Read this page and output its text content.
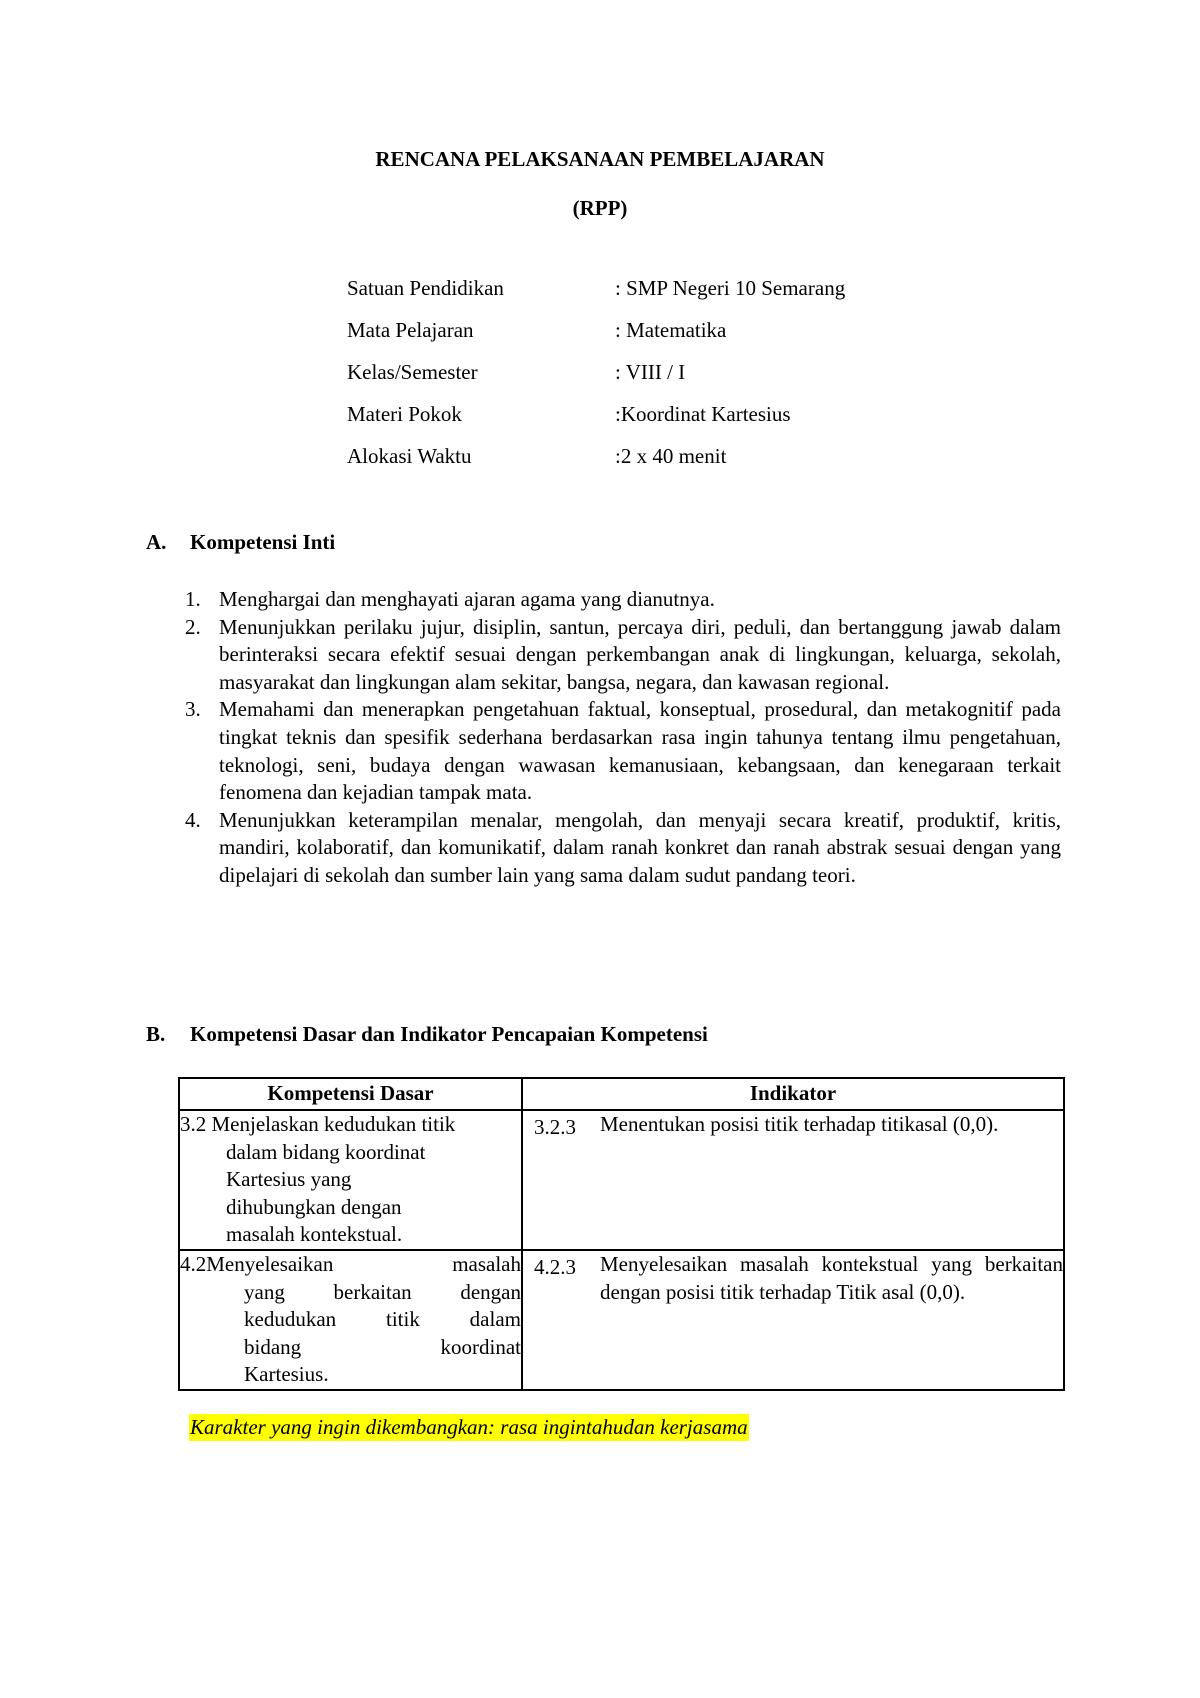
RENCANA PELAKSANAAN PEMBELAJARAN
(RPP)
Satuan Pendidikan	: SMP Negeri 10 Semarang
Mata Pelajaran	: Matematika
Kelas/Semester	: VIII / I
Materi Pokok	:Koordinat Kartesius
Alokasi Waktu	:2 x 40 menit
A. Kompetensi Inti
1. Menghargai dan menghayati ajaran agama yang dianutnya.
2. Menunjukkan perilaku jujur, disiplin, santun, percaya diri, peduli, dan bertanggung jawab dalam berinteraksi secara efektif sesuai dengan perkembangan anak di lingkungan, keluarga, sekolah, masyarakat dan lingkungan alam sekitar, bangsa, negara, dan kawasan regional.
3. Memahami dan menerapkan pengetahuan faktual, konseptual, prosedural, dan metakognitif pada tingkat teknis dan spesifik sederhana berdasarkan rasa ingin tahunya tentang ilmu pengetahuan, teknologi, seni, budaya dengan wawasan kemanusiaan, kebangsaan, dan kenegaraan terkait fenomena dan kejadian tampak mata.
4. Menunjukkan keterampilan menalar, mengolah, dan menyaji secara kreatif, produktif, kritis, mandiri, kolaboratif, dan komunikatif, dalam ranah konkret dan ranah abstrak sesuai dengan yang dipelajari di sekolah dan sumber lain yang sama dalam sudut pandang teori.
B. Kompetensi Dasar dan Indikator Pencapaian Kompetensi
Kompetensi Dasar	Indikator

3.2 Menjelaskan kedudukan titik
dalam bidang koordinat
Kartesius yang
dihubungkan dengan
masalah kontekstual.	3.2.3 Menentukan posisi titik terhadap titikasal (0,0).

4.2Menyelesaikan masalah
yang berkaitan dengan
kedudukan titik dalam
bidang koordinat
Kartesius.	4.2.3 Menyelesaikan masalah kontekstual yang berkaitan dengan posisi titik terhadap Titik asal (0,0).
Karakter yang ingin dikembangkan: rasa ingintahudan kerjasama
